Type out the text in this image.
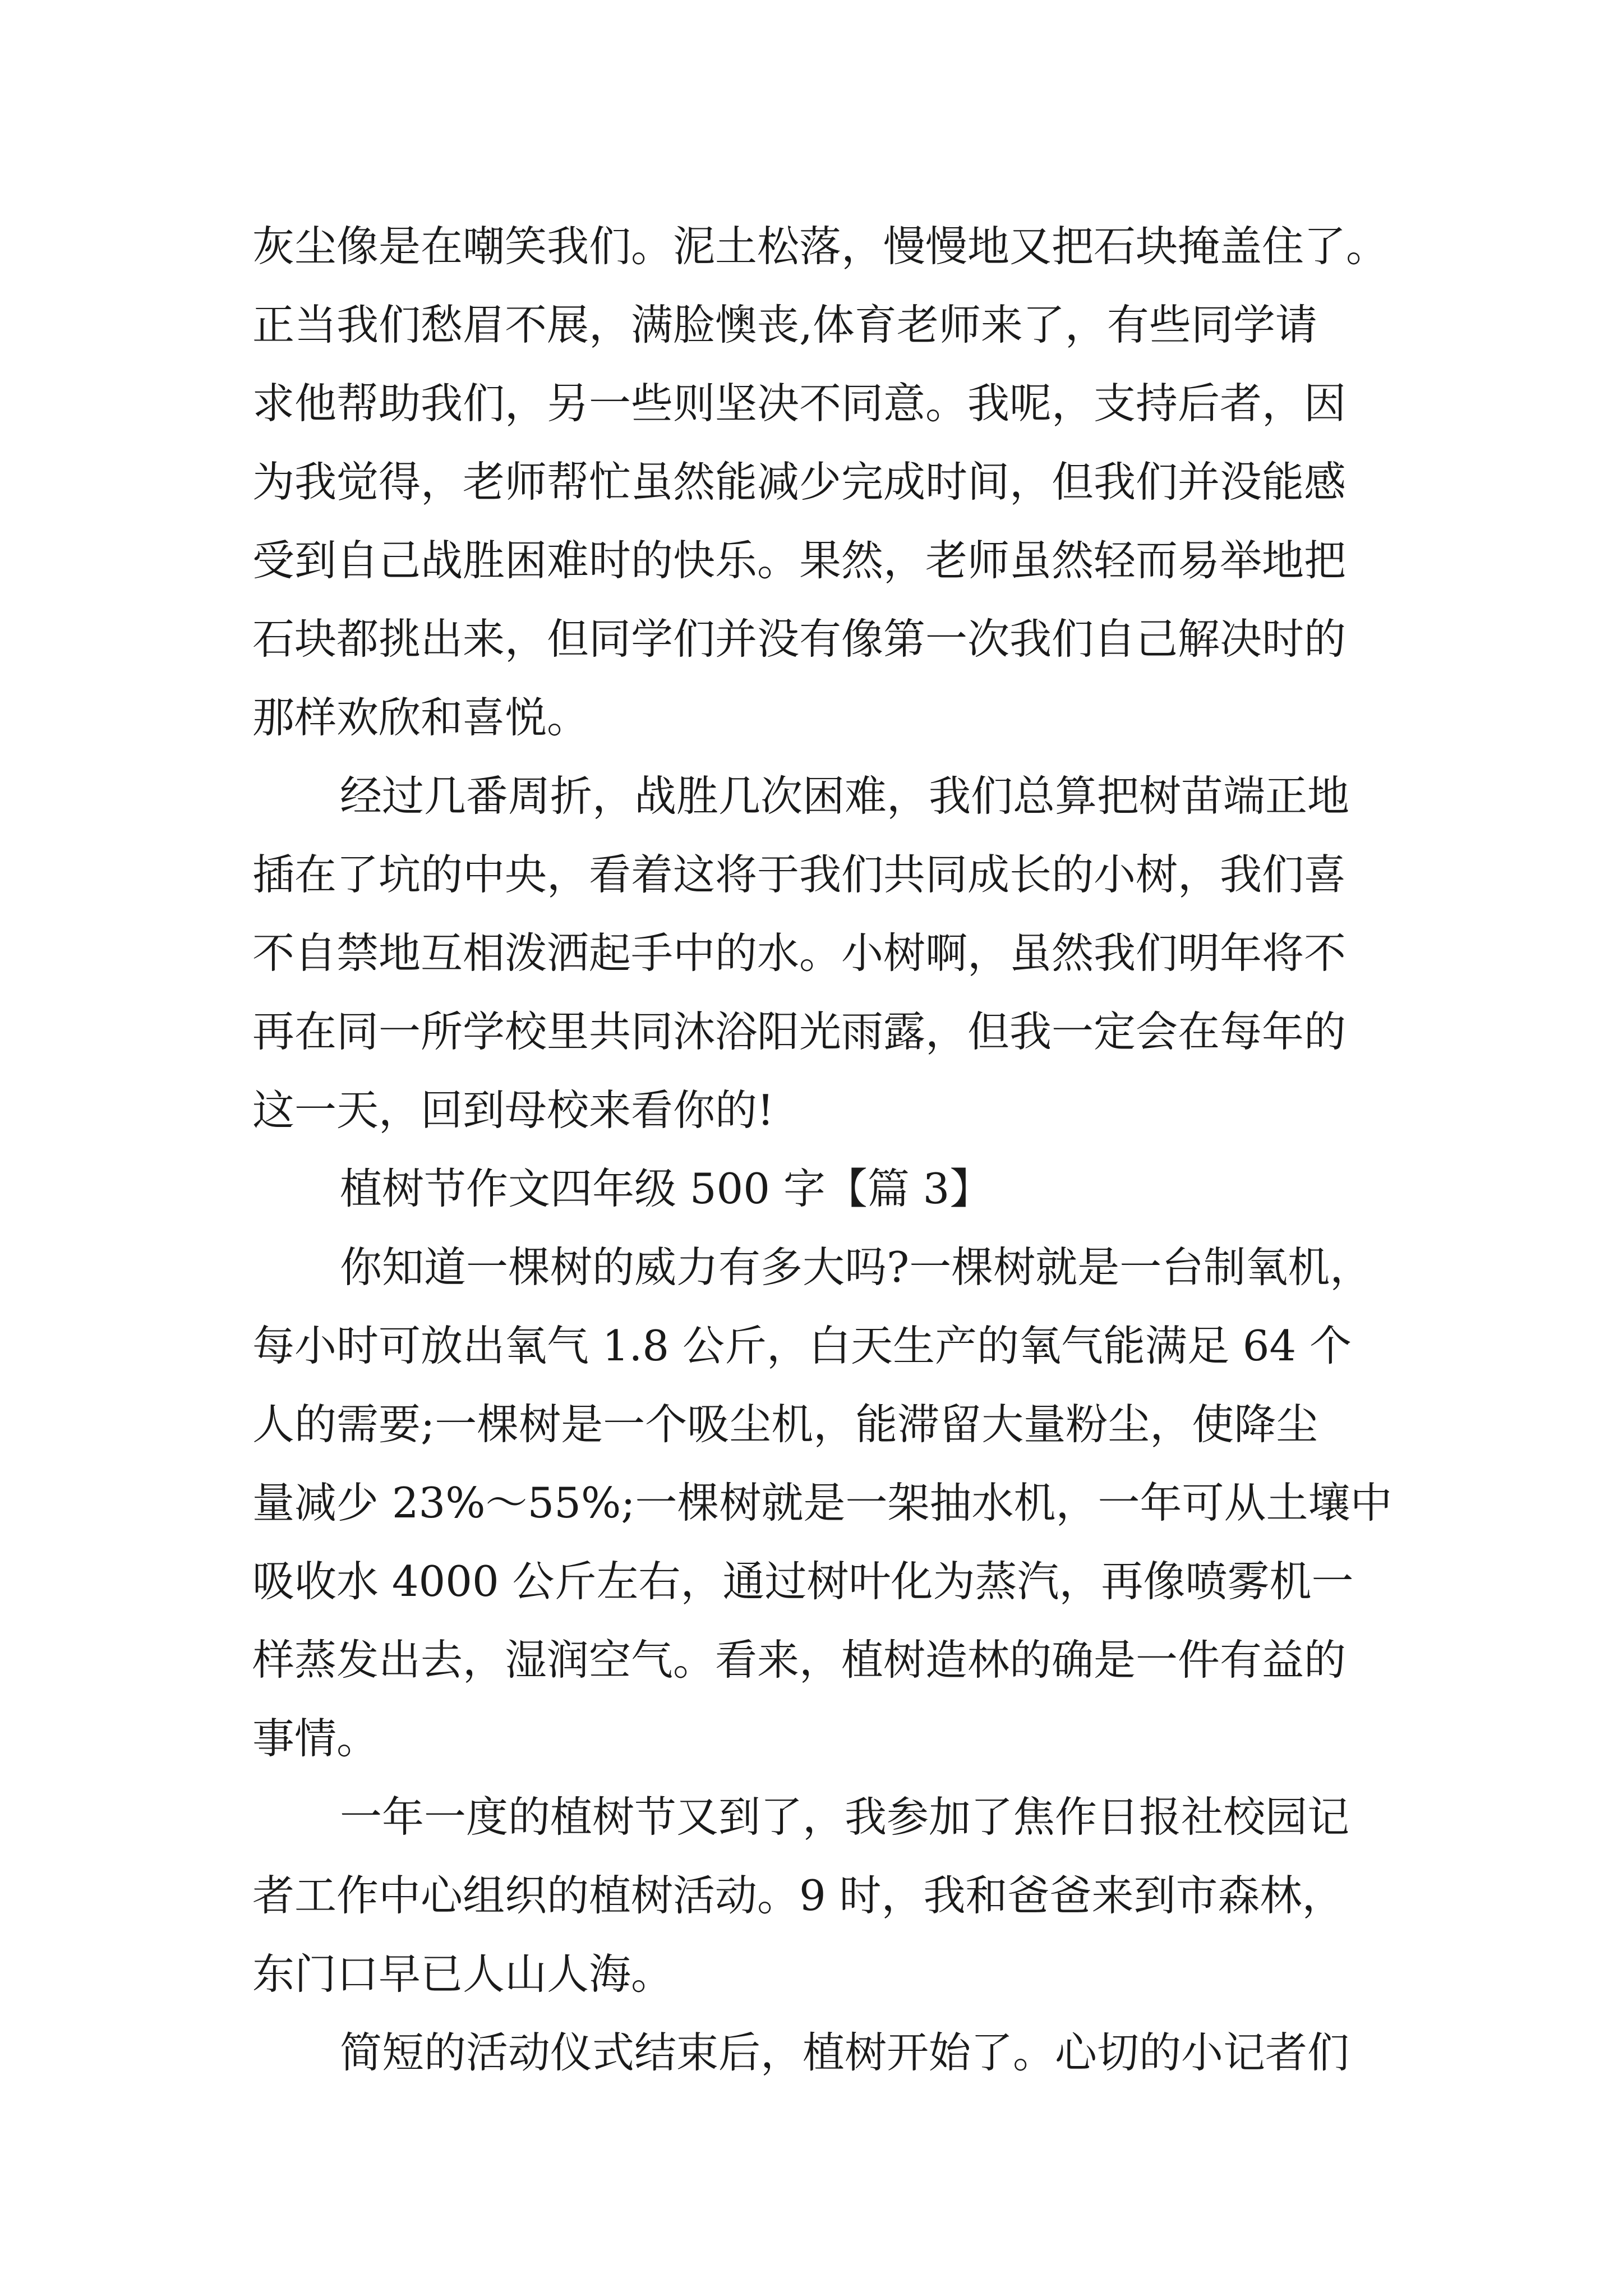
灰尘像是在嘲笑我们。泥土松落，慢慢地又把石块掩盖住了。
正当我们愁眉不展，满脸懊丧,体育老师来了，有些同学请
求他帮助我们，另一些则坚决不同意。我呢，支持后者，因
为我觉得，老师帮忙虽然能减少完成时间，但我们并没能感
受到自己战胜困难时的快乐。果然，老师虽然轻而易举地把
石块都挑出来，但同学们并没有像第一次我们自己解决时的
那样欢欣和喜悦。
经过几番周折，战胜几次困难，我们总算把树苗端正地
插在了坑的中央，看着这将于我们共同成长的小树，我们喜
不自禁地互相泼洒起手中的水。小树啊，虽然我们明年将不
再在同一所学校里共同沐浴阳光雨露，但我一定会在每年的
这一天，回到母校来看你的!
植树节作文四年级 500 字【篇 3】
你知道一棵树的威力有多大吗?一棵树就是一台制氧机，
每小时可放出氧气 1.8 公斤，白天生产的氧气能满足 64 个
人的需要;一棵树是一个吸尘机，能滞留大量粉尘，使降尘
量减少 23%～55%;一棵树就是一架抽水机，一年可从土壤中
吸收水 4000 公斤左右，通过树叶化为蒸汽，再像喷雾机一
样蒸发出去，湿润空气。看来，植树造林的确是一件有益的
事情。
一年一度的植树节又到了，我参加了焦作日报社校园记
者工作中心组织的植树活动。9 时，我和爸爸来到市森林，
东门口早已人山人海。
简短的活动仪式结束后，植树开始了。心切的小记者们
